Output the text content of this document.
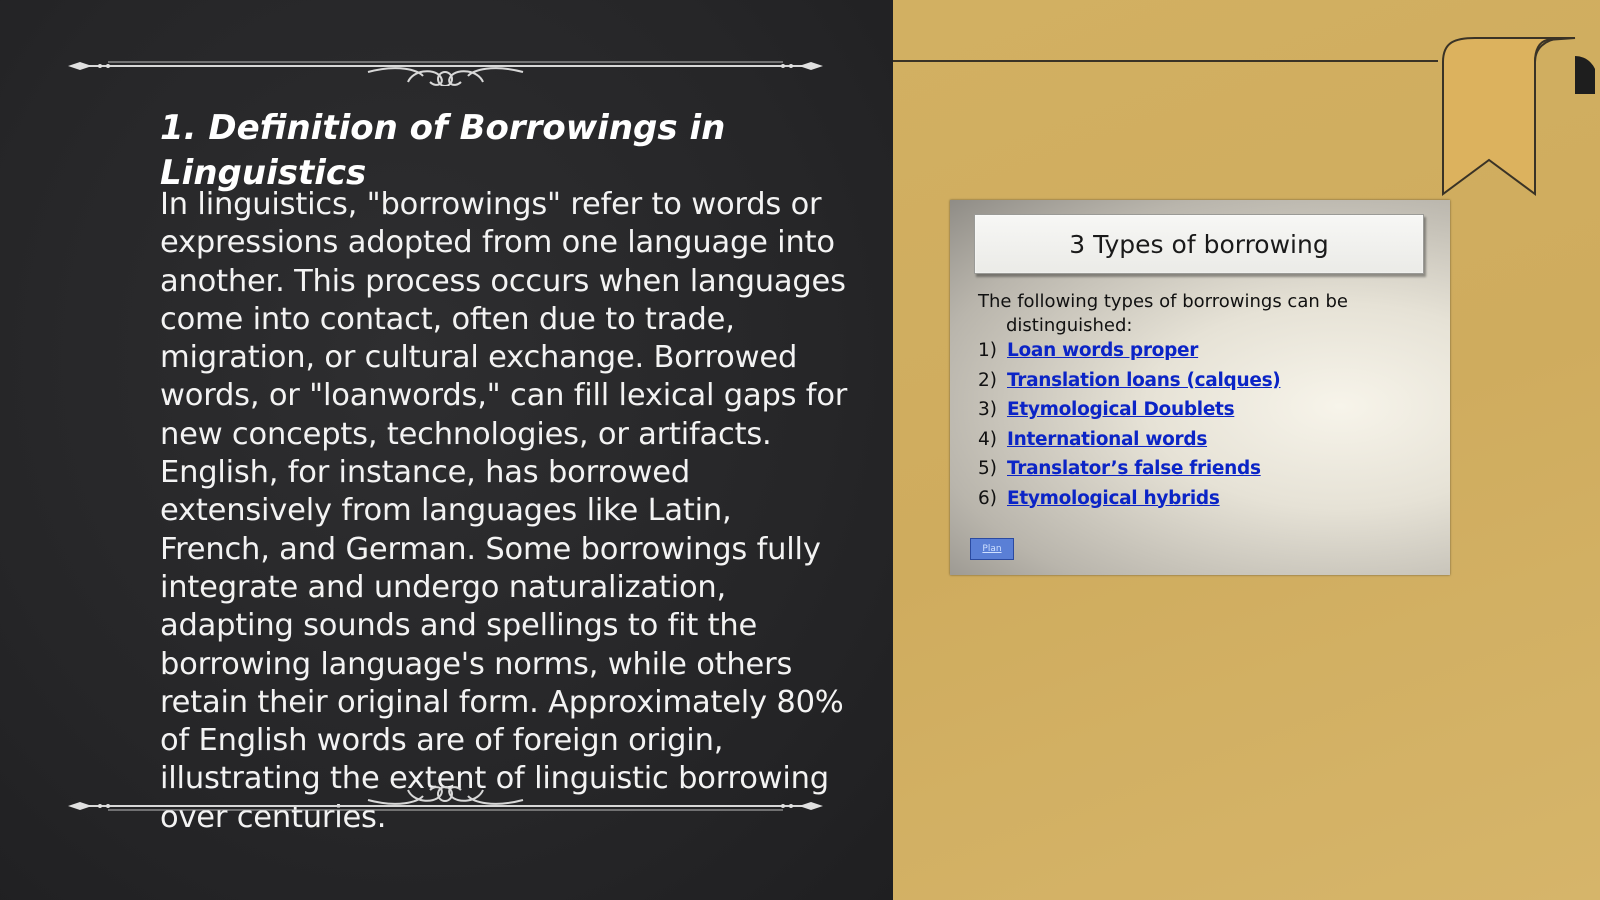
1. Definition of Borrowings in Linguistics

In linguistics, "borrowings" refer to words or expressions adopted from one language into another. This process occurs when languages come into contact, often due to trade, migration, or cultural exchange. Borrowed words, or "loanwords," can fill lexical gaps for new concepts, technologies, or artifacts. English, for instance, has borrowed extensively from languages like Latin, French, and German. Some borrowings fully integrate and undergo naturalization, adapting sounds and spellings to fit the borrowing language's norms, while others retain their original form. Approximately 80% of English words are of foreign origin, illustrating the extent of linguistic borrowing over centuries.

3 Types of borrowing

The following types of borrowings can be
distinguished:

1) Loan words proper
2) Translation loans (calques)
3) Etymological Doublets
4) International words
5) Translator’s false friends
6) Etymological hybrids
Plan
